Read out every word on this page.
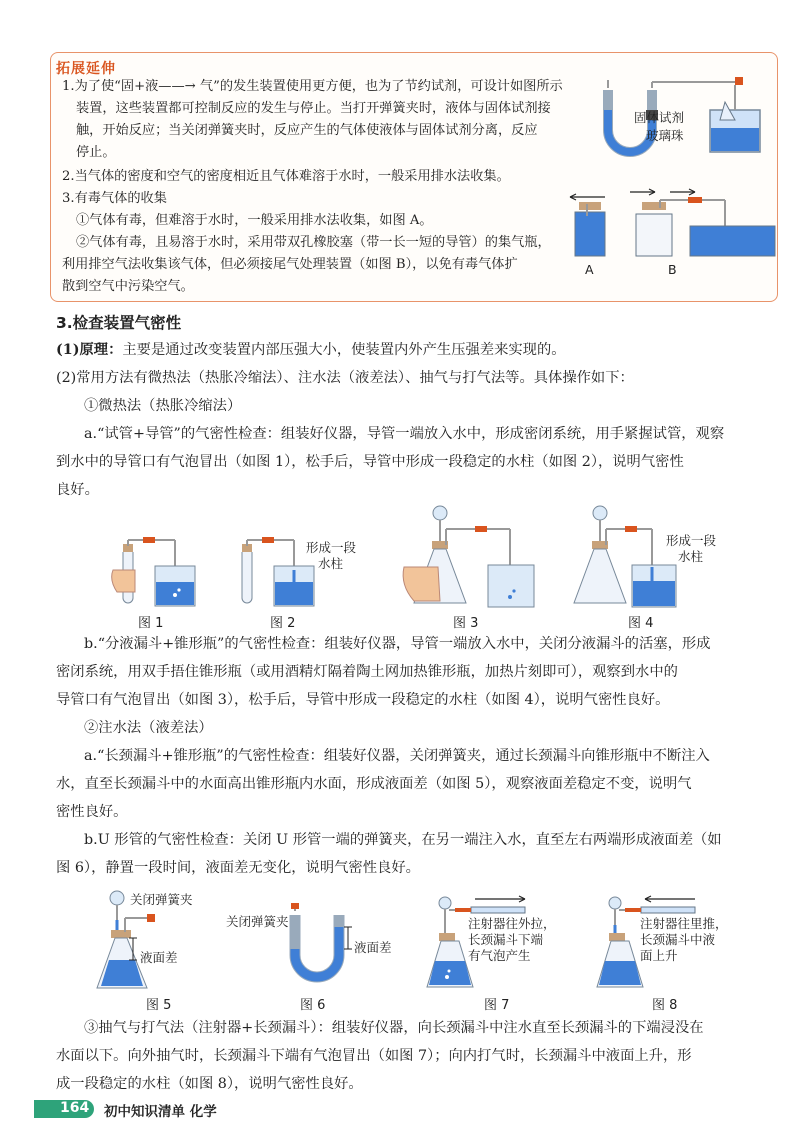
拓展延伸
1.为了使“固+液——→ 气”的发生装置使用更方便，也为了节约试剂，可设计如图所示
装置，这些装置都可控制反应的发生与停止。当打开弹簧夹时，液体与固体试剂接
触，开始反应；当关闭弹簧夹时，反应产生的气体使液体与固体试剂分离，反应
停止。
2.当气体的密度和空气的密度相近且气体难溶于水时，一般采用排水法收集。
3.有毒气体的收集
①气体有毒，但难溶于水时，一般采用排水法收集，如图 A。
②气体有毒，且易溶于水时，采用带双孔橡胶塞（带一长一短的导管）的集气瓶，
利用排空气法收集该气体，但必须接尾气处理装置（如图 B），以免有毒气体扩
散到空气中污染空气。
固体试剂
玻璃珠
A	B
3.检查装置气密性
(1)原理：主要是通过改变装置内部压强大小，使装置内外产生压强差来实现的。
(2)常用方法有微热法（热胀冷缩法）、注水法（液差法）、抽气与打气法等。具体操作如下：
①微热法（热胀冷缩法）
a.“试管+导管”的气密性检查：组装好仪器，导管一端放入水中，形成密闭系统，用手紧握试管，观察
到水中的导管口有气泡冒出（如图 1），松手后，导管中形成一段稳定的水柱（如图 2），说明气密性
良好。
图 1
形成一段
水柱
图 2	图 3
形成一段
水柱
图 4
b.“分液漏斗+锥形瓶”的气密性检查：组装好仪器，导管一端放入水中，关闭分液漏斗的活塞，形成
密闭系统，用双手捂住锥形瓶（或用酒精灯隔着陶土网加热锥形瓶，加热片刻即可），观察到水中的
导管口有气泡冒出（如图 3），松手后，导管中形成一段稳定的水柱（如图 4），说明气密性良好。
②注水法（液差法）
a.“长颈漏斗+锥形瓶”的气密性检查：组装好仪器，关闭弹簧夹，通过长颈漏斗向锥形瓶中不断注入
水，直至长颈漏斗中的水面高出锥形瓶内水面，形成液面差（如图 5），观察液面差稳定不变，说明气
密性良好。
b.U 形管的气密性检查：关闭 U 形管一端的弹簧夹，在另一端注入水，直至左右两端形成液面差（如
图 6），静置一段时间，液面差无变化，说明气密性良好。
关闭弹簧夹
液面差
图 5
关闭弹簧夹
液面差
图 6
注射器往外拉，
长颈漏斗下端
有气泡产生
图 7
注射器往里推，
长颈漏斗中液
面上升
图 8
③抽气与打气法（注射器+长颈漏斗）：组装好仪器，向长颈漏斗中注水直至长颈漏斗的下端浸没在
水面以下。向外抽气时，长颈漏斗下端有气泡冒出（如图 7）；向内打气时，长颈漏斗中液面上升，形
成一段稳定的水柱（如图 8），说明气密性良好。
164 初中知识清单 化学
